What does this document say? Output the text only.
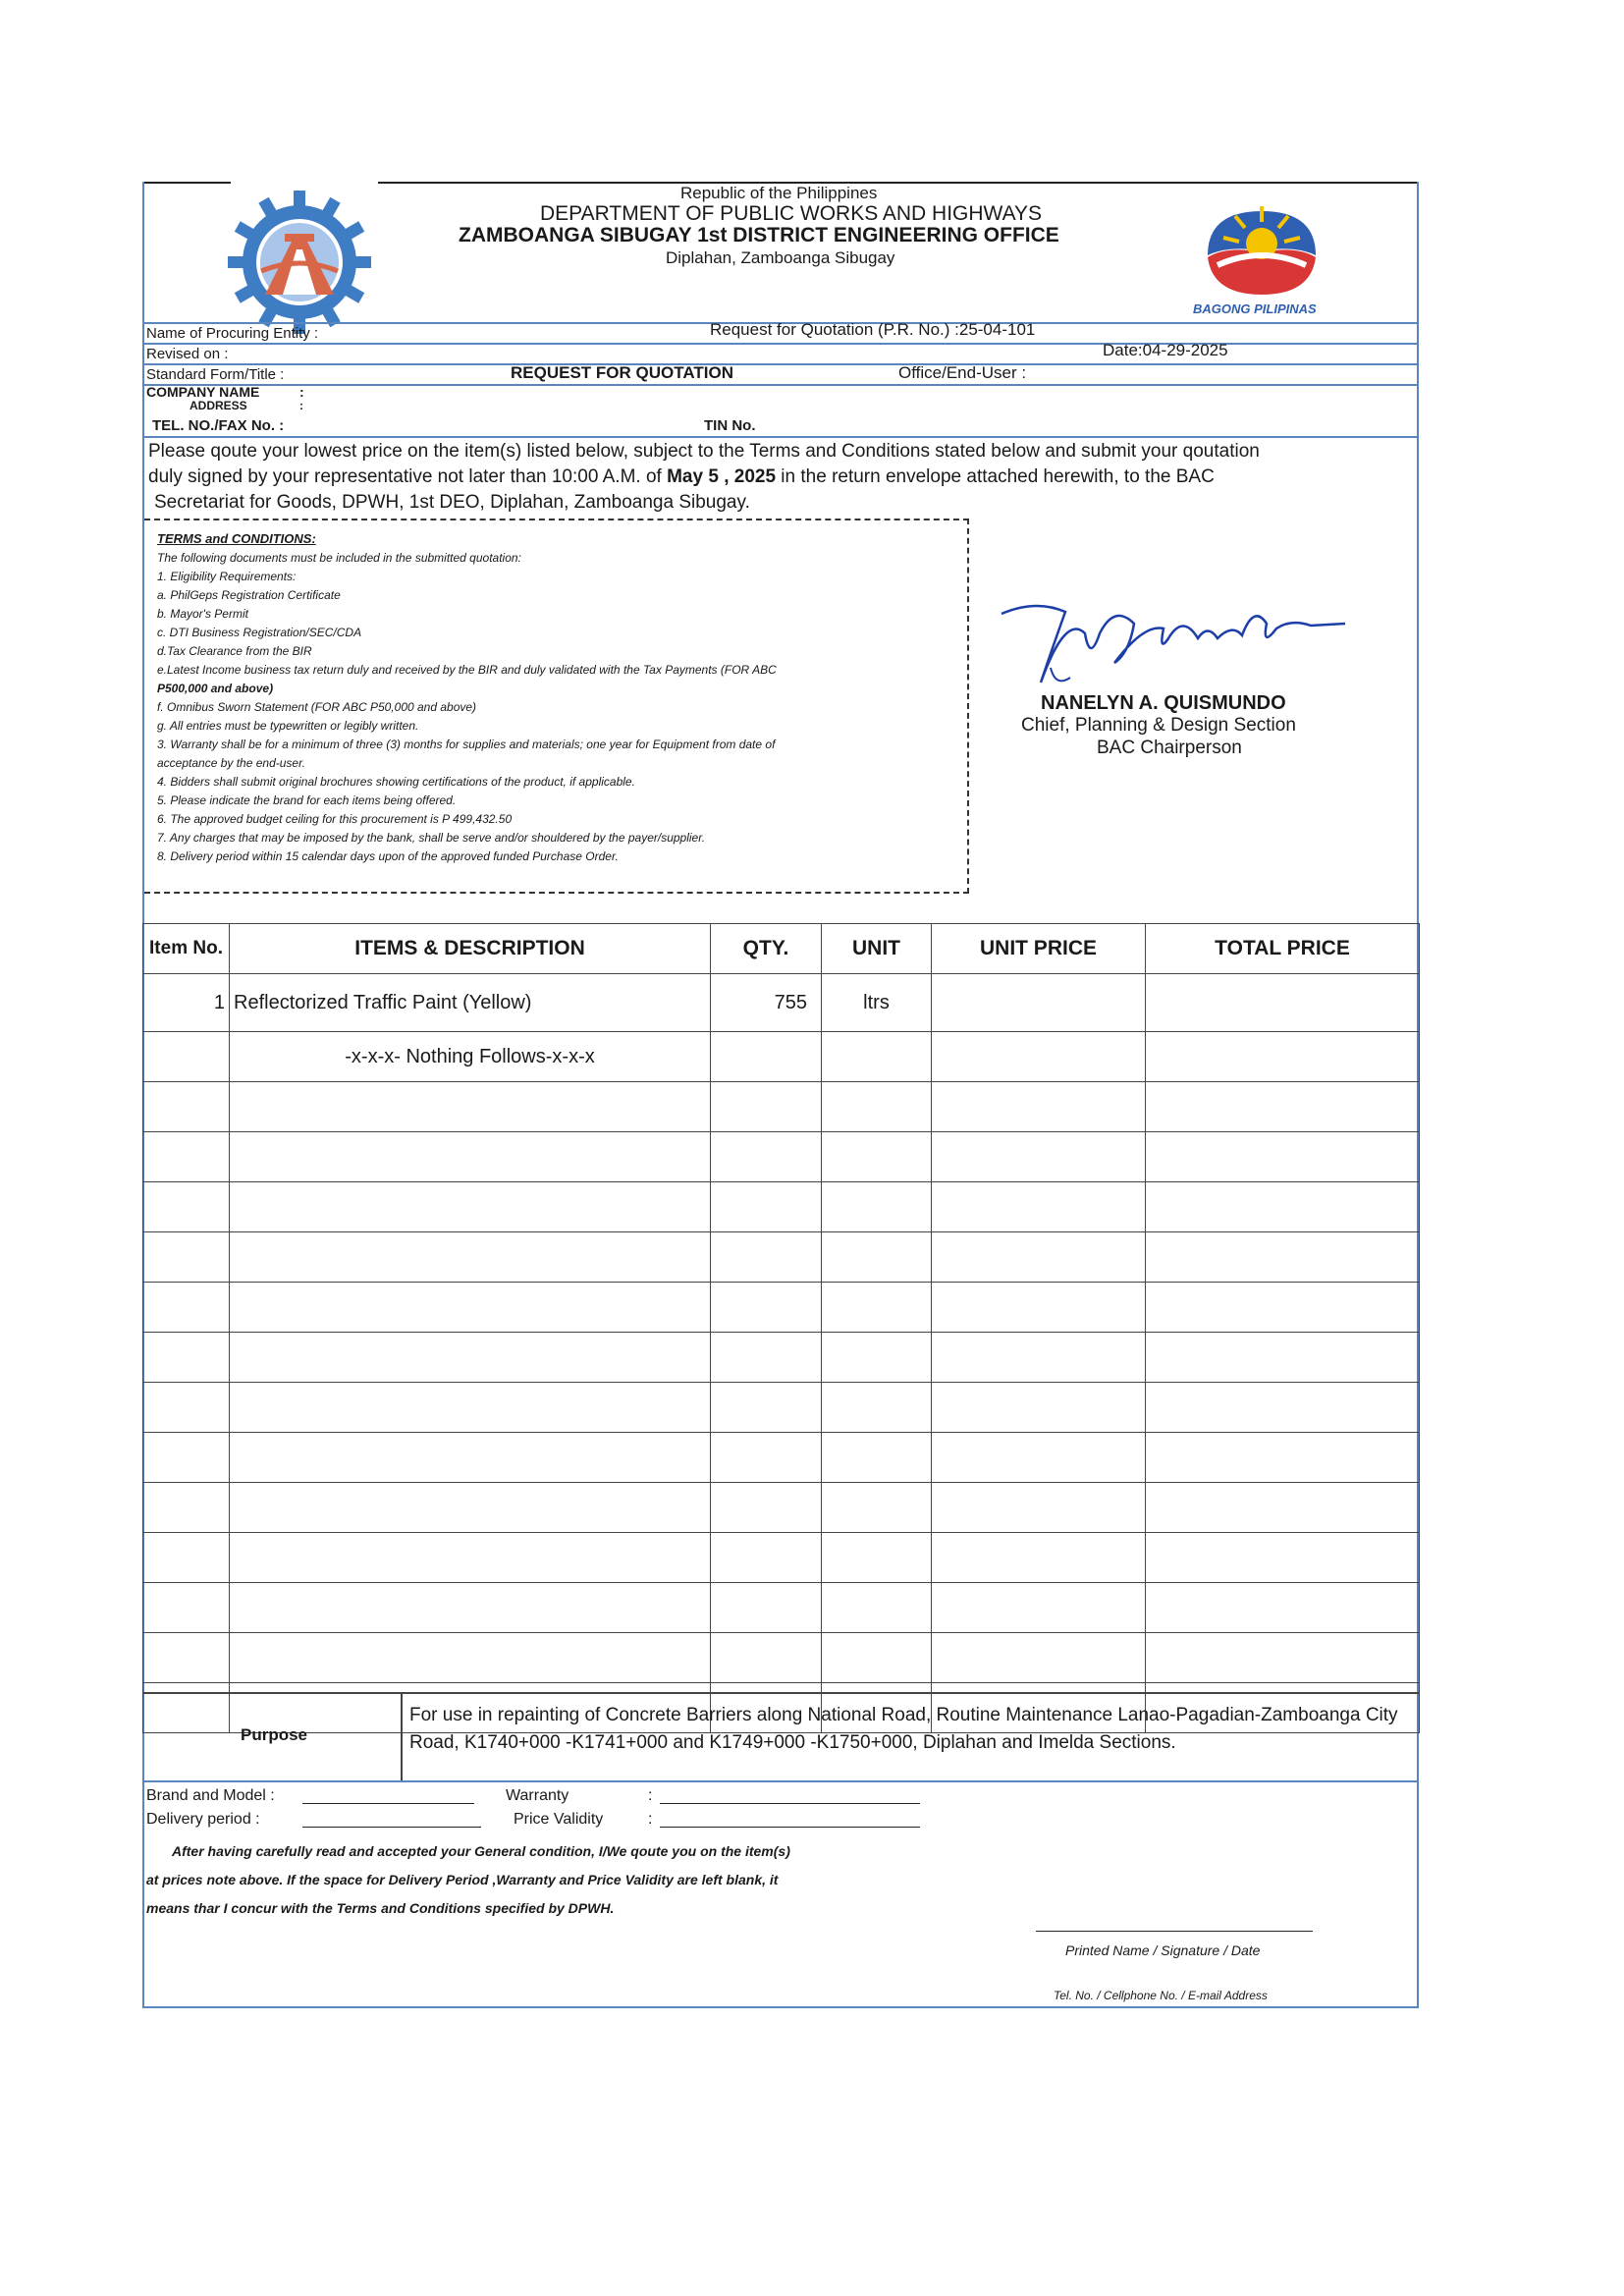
Republic of the Philippines
DEPARTMENT OF PUBLIC WORKS AND HIGHWAYS
ZAMBOANGA SIBUGAY 1st DISTRICT ENGINEERING OFFICE
Diplahan, Zamboanga Sibugay
BAGONG PILIPINAS
Name of Procuring Entity :	Request for Quotation (P.R. No.) :25-04-101
Revised on :	Date:04-29-2025
Standard Form/Title :	REQUEST FOR QUOTATION	Office/End-User :
COMPANY NAME	:
ADDRESS	:
TEL. NO./FAX No. :	TIN No.
Please qoute your lowest price on the item(s) listed below, subject to the Terms and Conditions stated below and submit your qoutation
duly signed by your representative not later than 10:00 A.M. of May 5 , 2025 in the return envelope attached herewith, to the BAC
Secretariat for Goods, DPWH, 1st DEO, Diplahan, Zamboanga Sibugay.
TERMS and CONDITIONS:
The following documents must be included in the submitted quotation:
1. Eligibility Requirements:
a. PhilGeps Registration Certificate
b. Mayor's Permit
c. DTI Business Registration/SEC/CDA
d.Tax Clearance from the BIR
e.Latest Income business tax return duly and received by the BIR and duly validated with the Tax Payments (FOR ABC
P500,000 and above)
f. Omnibus Sworn Statement (FOR ABC P50,000 and above)
g. All entries must be typewritten or legibly written.
3. Warranty shall be for a minimum of three (3) months for supplies and materials; one year for Equipment from date of
acceptance by the end-user.
4. Bidders shall submit original brochures showing certifications of the product, if applicable.
5. Please indicate the brand for each items being offered.
6. The approved budget ceiling for this procurement is P 499,432.50
7. Any charges that may be imposed by the bank, shall be serve and/or shouldered by the payer/supplier.
8. Delivery period within 15 calendar days upon of the approved funded Purchase Order.
NANELYN A. QUISMUNDO
Chief, Planning & Design Section
BAC Chairperson
Item No.	ITEMS & DESCRIPTION	QTY.	UNIT	UNIT PRICE	TOTAL PRICE
1	Reflectorized Traffic Paint (Yellow)	755	ltrs		
	-x-x-x- Nothing Follows-x-x-x				

Purpose
For use in repainting of Concrete Barriers along National Road, Routine Maintenance Lanao-Pagadian-Zamboanga City Road, K1740+000 -K1741+000 and K1749+000 -K1750+000, Diplahan and Imelda Sections.
Brand and Model :	Warranty	:
Delivery period :	Price Validity	:
After having carefully read and accepted your General condition, I/We qoute you on the item(s)
at prices note above. If the space for Delivery Period ,Warranty and Price Validity are left blank, it
means thar I concur with the Terms and Conditions specified by DPWH.
Printed Name / Signature / Date
Tel. No. / Cellphone No. / E-mail Address
